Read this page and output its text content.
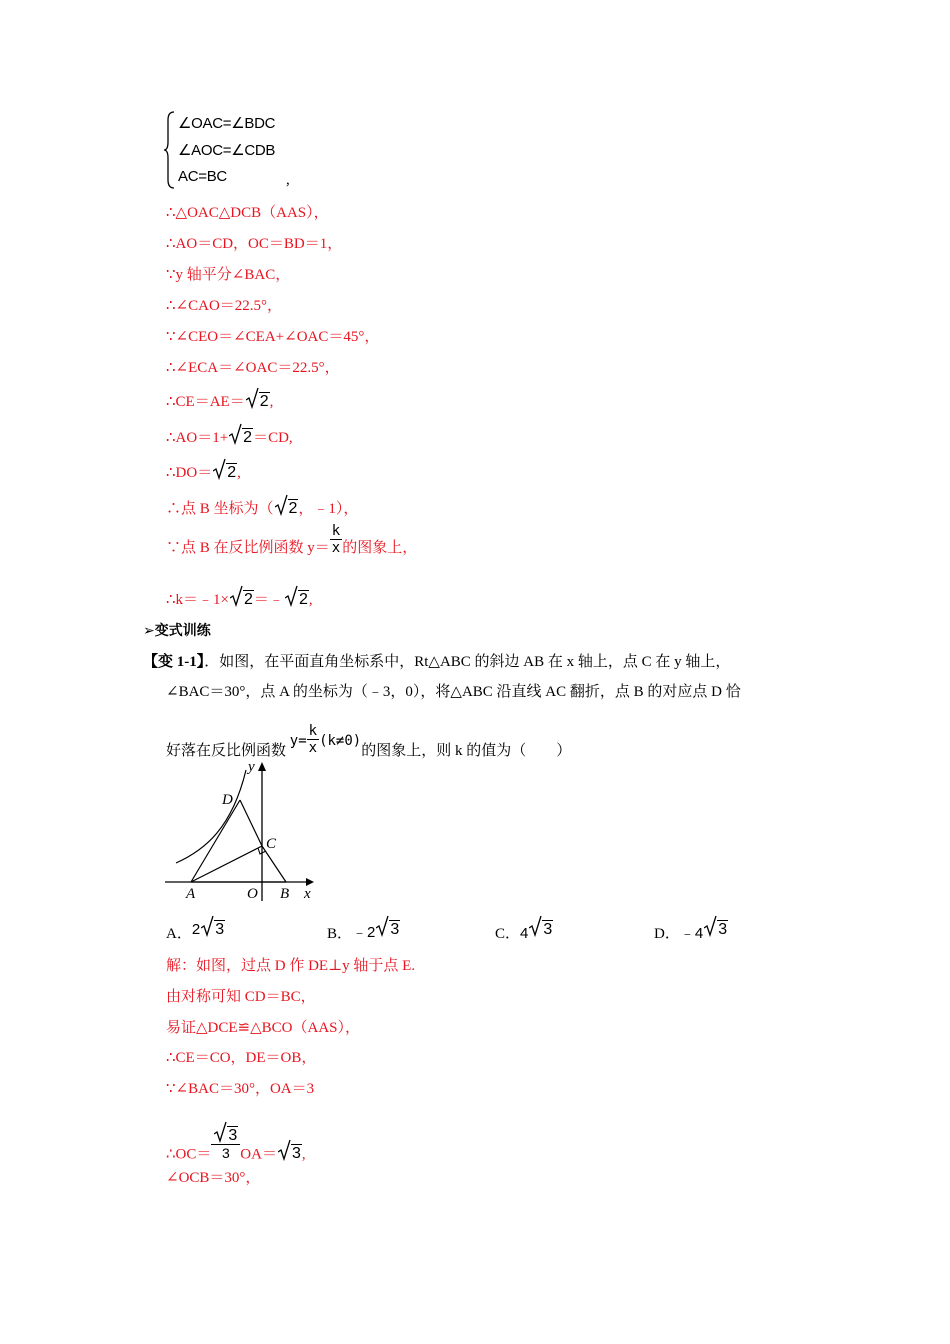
∠OAC=∠BDC
∠AOC=∠CDB
AC=BC	,
∴△OAC△DCB（AAS），
∴AO＝CD，OC＝BD＝1，
∵y 轴平分∠BAC，
∴∠CAO＝22.5°，
∵∠CEO＝∠CEA+∠OAC＝45°，
∴∠ECA＝∠OAC＝22.5°，
∴CE＝AE＝ 2,
∴AO＝1+ 2＝CD,
∴DO＝ 2,
∴点 B 坐标为（ 2，﹣1），
∵点 B 在反比例函数 $y= \frac{k}{x}$ 的图象上，
∴k＝﹣1× 2＝﹣ 2,
➢变式训练
【变 1-1】．如图，在平面直角坐标系中，Rt△ABC 的斜边 AB 在 x 轴上，点 C 在 y 轴上，
∠BAC＝30°，点 A 的坐标为（﹣3，0），将△ABC 沿直线 AC 翻折，点 B 的对应点 D 恰
好落在反比例函数 $y= \frac{k}{x} (k\ne 0)$的图象上，则 k 的值为（　　）
y
D
C
A	O B x
A．2 3	B．﹣2 3	C．4 3	D．﹣4 3
解：如图，过点 D 作 DE⊥y 轴于点 E.
由对称可知 CD＝BC，
易证△DCE≌△BCO（AAS），
∴CE＝CO，DE＝OB，
∵∠BAC＝30°，OA＝3
∴OC＝ $\frac{3}{3} OA= 3$,
∠OCB＝30°，
